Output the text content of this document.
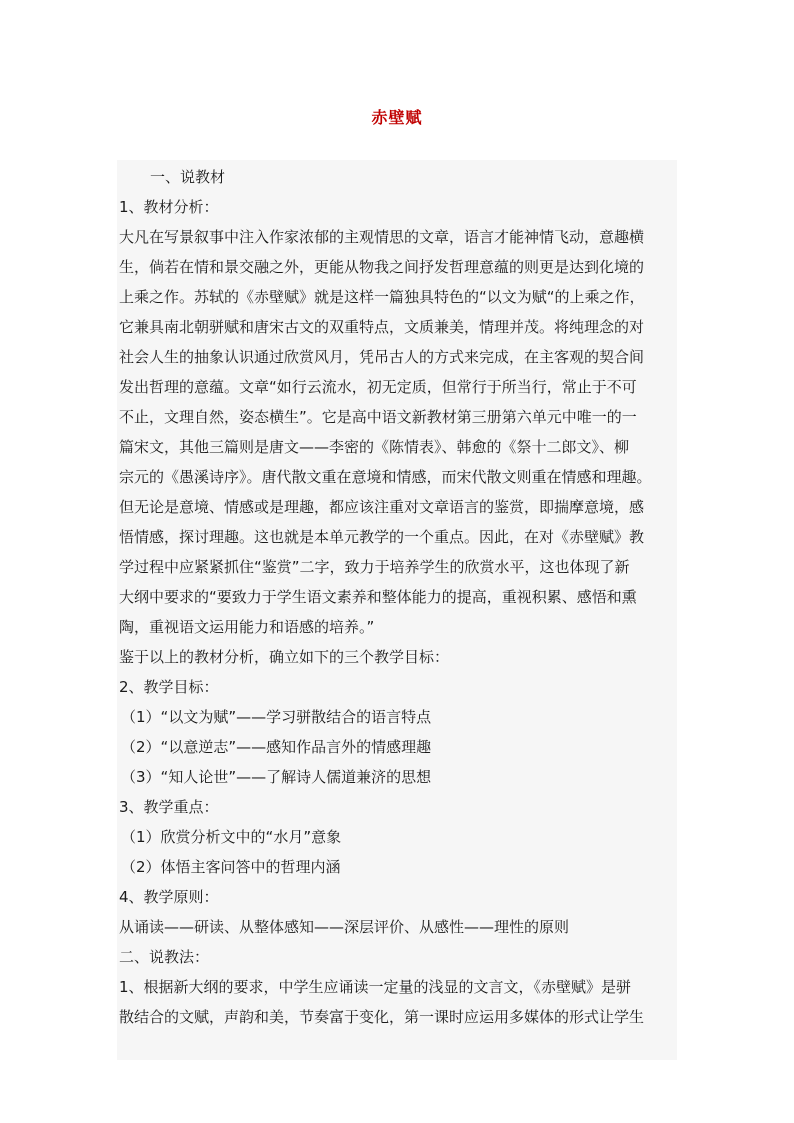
赤壁赋
一、说教材
1、教材分析：
大凡在写景叙事中注入作家浓郁的主观情思的文章，语言才能神情飞动，意趣横
生，倘若在情和景交融之外，更能从物我之间抒发哲理意蕴的则更是达到化境的
上乘之作。苏轼的《赤壁赋》就是这样一篇独具特色的“以文为赋“的上乘之作，
它兼具南北朝骈赋和唐宋古文的双重特点，文质兼美，情理并茂。将纯理念的对
社会人生的抽象认识通过欣赏风月，凭吊古人的方式来完成，在主客观的契合间
发出哲理的意蕴。文章“如行云流水，初无定质，但常行于所当行，常止于不可
不止，文理自然，姿态横生”。它是高中语文新教材第三册第六单元中唯一的一
篇宋文，其他三篇则是唐文——李密的《陈情表》、韩愈的《祭十二郎文》、柳
宗元的《愚溪诗序》。唐代散文重在意境和情感，而宋代散文则重在情感和理趣。
但无论是意境、情感或是理趣，都应该注重对文章语言的鉴赏，即揣摩意境，感
悟情感，探讨理趣。这也就是本单元教学的一个重点。因此，在对《赤壁赋》教
学过程中应紧紧抓住“鉴赏”二字，致力于培养学生的欣赏水平，这也体现了新
大纲中要求的“要致力于学生语文素养和整体能力的提高，重视积累、感悟和熏
陶，重视语文运用能力和语感的培养。”
鉴于以上的教材分析，确立如下的三个教学目标：
2、教学目标：
（1）“以文为赋”——学习骈散结合的语言特点
（2）“以意逆志”——感知作品言外的情感理趣
（3）“知人论世”——了解诗人儒道兼济的思想
3、教学重点：
（1）欣赏分析文中的“水月”意象
（2）体悟主客问答中的哲理内涵
4、教学原则：
从诵读——研读、从整体感知——深层评价、从感性——理性的原则
二、说教法：
1、根据新大纲的要求，中学生应诵读一定量的浅显的文言文，《赤壁赋》是骈
散结合的文赋，声韵和美，节奏富于变化，第一课时应运用多媒体的形式让学生
